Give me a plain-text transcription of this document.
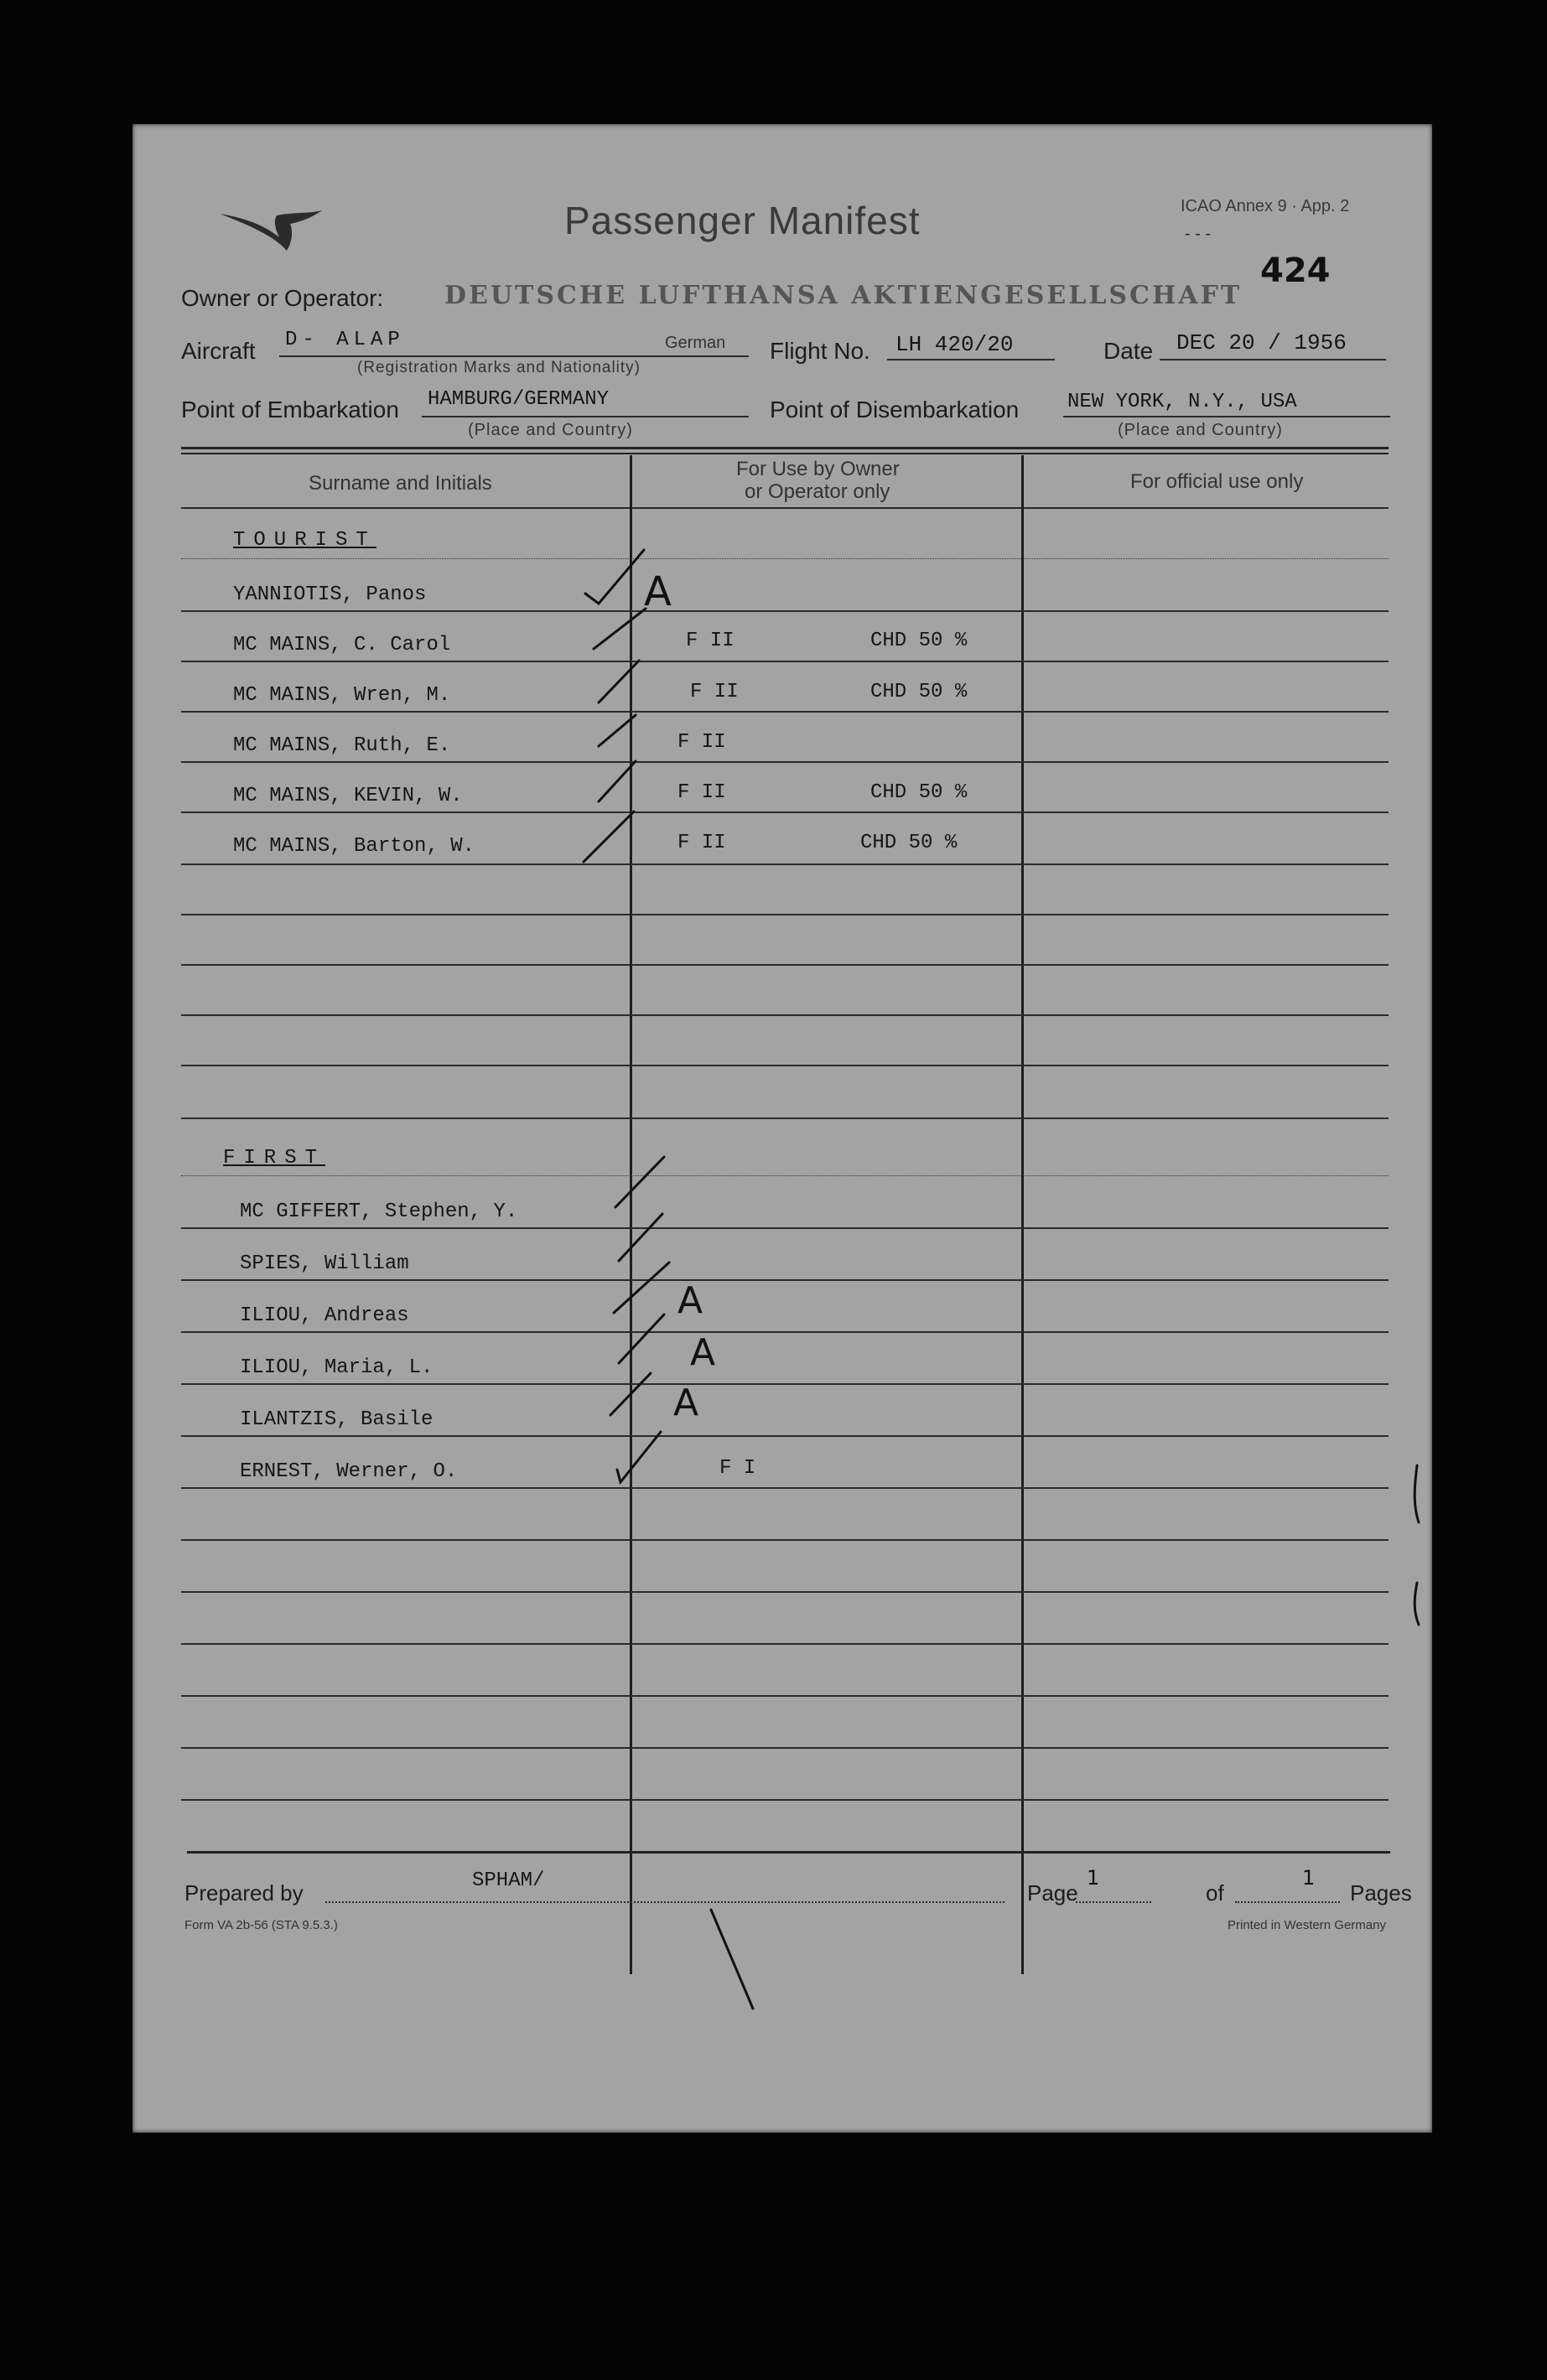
Passenger Manifest	ICAO Annex 9 · App. 2
- - -
424
Owner or Operator: DEUTSCHE LUFTHANSA AKTIENGESELLSCHAFT
Aircraft D- ALAP	German
(Registration Marks and Nationality)
Flight No. LH 420/20	Date DEC 20 / 1956
Point of Embarkation HAMBURG/GERMANY
(Place and Country)
Point of Disembarkation NEW YORK, N.Y., USA
(Place and Country)
Surname and Initials
For Use by Owner
or Operator only	For official use only
TOURIST
YANNIOTIS, Panos	A
MC MAINS, C. Carol	F II	CHD 50 %
MC MAINS, Wren, M.	F II	CHD 50 %
MC MAINS, Ruth, E.	F II
MC MAINS, KEVIN, W.	F II	CHD 50 %
MC MAINS, Barton, W.	F II	CHD 50 %
FIRST
MC GIFFERT, Stephen, Y.
SPIES, William
ILIOU, Andreas	A
ILIOU, Maria, L.	A
ILANTZIS, Basile	A
ERNEST, Werner, O.	F I
Prepared by	SPHAM/	Page
1
of
1
Pages
Form VA 2b-56 (STA 9.5.3.)	Printed in Western Germany
